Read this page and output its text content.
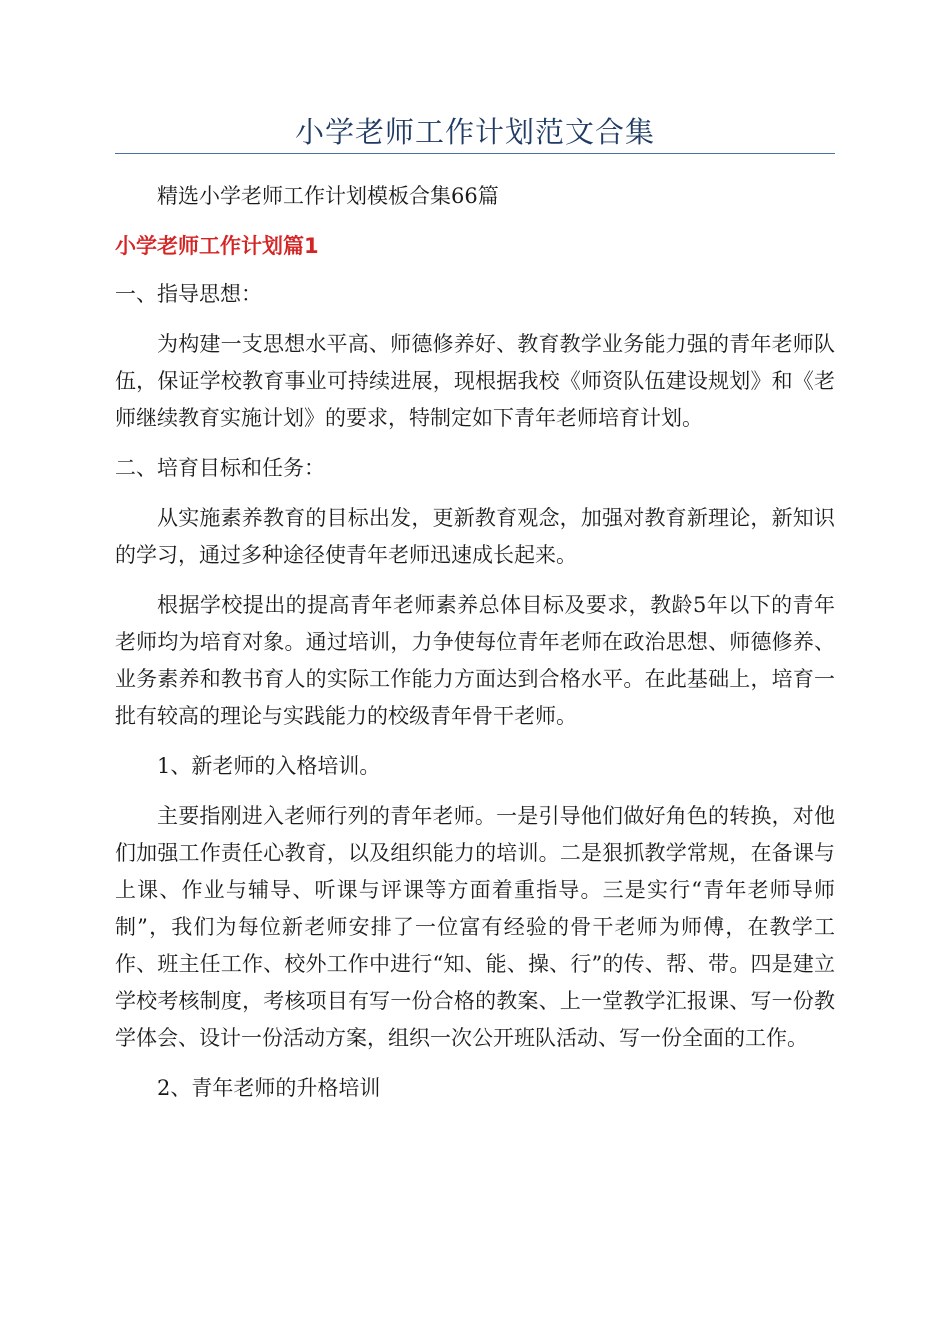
小学老师工作计划范文合集

精选小学老师工作计划模板合集66篇

小学老师工作计划篇1

一、指导思想：

为构建一支思想水平高、师德修养好、教育教学业务能力强的青年老师队伍，保证学校教育事业可持续进展，现根据我校《师资队伍建设规划》和《老师继续教育实施计划》的要求，特制定如下青年老师培育计划。

二、培育目标和任务：

从实施素养教育的目标出发，更新教育观念，加强对教育新理论，新知识的学习，通过多种途径使青年老师迅速成长起来。

根据学校提出的提高青年老师素养总体目标及要求，教龄5年以下的青年老师均为培育对象。通过培训，力争使每位青年老师在政治思想、师德修养、业务素养和教书育人的实际工作能力方面达到合格水平。在此基础上，培育一批有较高的理论与实践能力的校级青年骨干老师。

1、新老师的入格培训。

主要指刚进入老师行列的青年老师。一是引导他们做好角色的转换，对他们加强工作责任心教育，以及组织能力的培训。二是狠抓教学常规，在备课与上课、作业与辅导、听课与评课等方面着重指导。三是实行“青年老师导师制”，我们为每位新老师安排了一位富有经验的骨干老师为师傅，在教学工作、班主任工作、校外工作中进行“知、能、操、行”的传、帮、带。四是建立学校考核制度，考核项目有写一份合格的教案、上一堂教学汇报课、写一份教学体会、设计一份活动方案，组织一次公开班队活动、写一份全面的工作。

2、青年老师的升格培训
